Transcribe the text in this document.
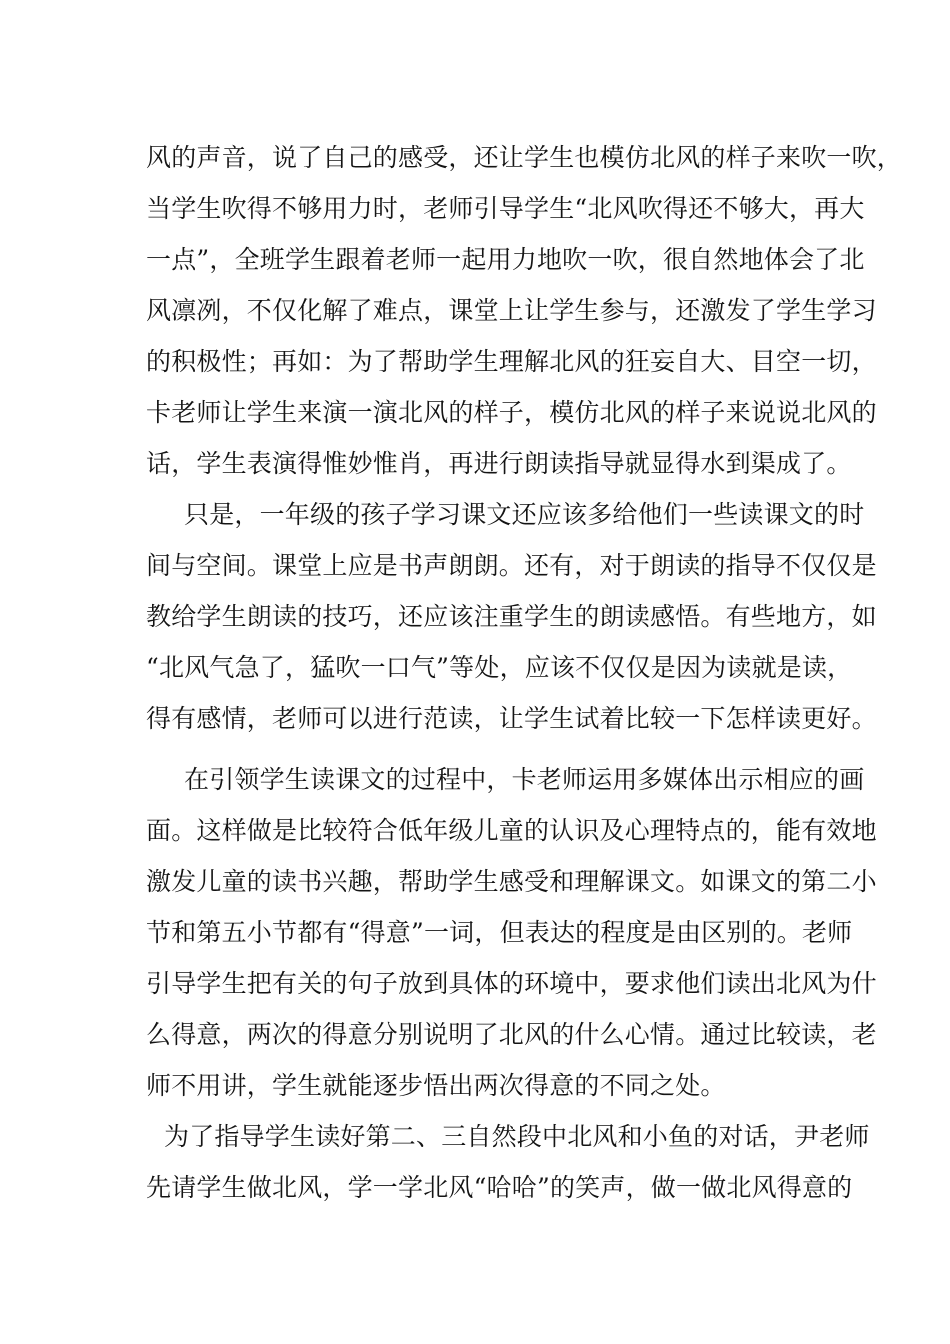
风的声音，说了自己的感受，还让学生也模仿北风的样子来吹一吹，
当学生吹得不够用力时，老师引导学生“北风吹得还不够大，再大
一点”，全班学生跟着老师一起用力地吹一吹，很自然地体会了北
风凛冽，不仅化解了难点，课堂上让学生参与，还激发了学生学习
的积极性；再如：为了帮助学生理解北风的狂妄自大、目空一切，
卡老师让学生来演一演北风的样子，模仿北风的样子来说说北风的
话，学生表演得惟妙惟肖，再进行朗读指导就显得水到渠成了。
只是，一年级的孩子学习课文还应该多给他们一些读课文的时
间与空间。课堂上应是书声朗朗。还有，对于朗读的指导不仅仅是
教给学生朗读的技巧，还应该注重学生的朗读感悟。有些地方，如
“北风气急了，猛吹一口气”等处，应该不仅仅是因为读就是读，
得有感情，老师可以进行范读，让学生试着比较一下怎样读更好。
在引领学生读课文的过程中，卡老师运用多媒体出示相应的画
面。这样做是比较符合低年级儿童的认识及心理特点的，能有效地
激发儿童的读书兴趣，帮助学生感受和理解课文。如课文的第二小
节和第五小节都有“得意”一词，但表达的程度是由区别的。老师
引导学生把有关的句子放到具体的环境中，要求他们读出北风为什
么得意，两次的得意分别说明了北风的什么心情。通过比较读，老
师不用讲，学生就能逐步悟出两次得意的不同之处。
为了指导学生读好第二、三自然段中北风和小鱼的对话，尹老师
先请学生做北风，学一学北风“哈哈”的笑声，做一做北风得意的
